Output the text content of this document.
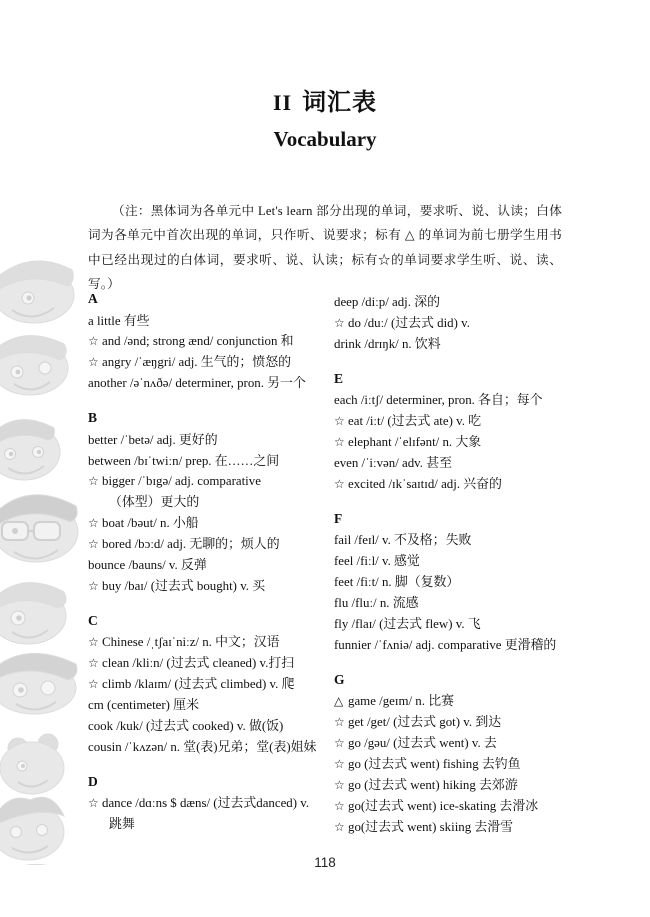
II 词汇表
Vocabulary

（注：黑体词为各单元中 Let's learn 部分出现的单词，要求听、说、认读；白体词为各单元中首次出现的单词，只作听、说要求；标有 △ 的单词为前七册学生用书中已经出现过的白体词，要求听、说、认读；标有☆的单词要求学生听、说、读、写。）

A
a little 有些
☆ and /ənd; strong ænd/ conjunction 和
☆ angry /ˈæŋgri/ adj. 生气的；愤怒的
another /əˈnʌðə/ determiner, pron. 另一个
B
better /ˈbetə/ adj. 更好的
between /bɪˈtwiːn/ prep. 在……之间
☆ bigger /ˈbɪgə/ adj. comparative
（体型）更大的
☆ boat /bəut/ n. 小船
☆ bored /bɔːd/ adj. 无聊的；烦人的
bounce /bauns/ v. 反弹
☆ buy /baɪ/ (过去式 bought) v. 买
C
☆ Chinese /ˌtʃaɪˈniːz/ n. 中文；汉语
☆ clean /kliːn/ (过去式 cleaned) v.打扫
☆ climb /klaɪm/ (过去式 climbed) v. 爬
cm (centimeter) 厘米
cook /kuk/ (过去式 cooked) v. 做(饭)
cousin /ˈkʌzən/ n. 堂(表)兄弟；堂(表)姐妹
D
☆ dance /dɑːns $ dæns/ (过去式danced) v.
跳舞
deep /diːp/ adj. 深的
☆ do /duː/ (过去式 did) v.
drink /drɪŋk/ n. 饮料
E
each /iːtʃ/ determiner, pron. 各自；每个
☆ eat /iːt/ (过去式 ate) v. 吃
☆ elephant /ˈelɪfənt/ n. 大象
even /ˈiːvən/ adv. 甚至
☆ excited /ɪkˈsaɪtɪd/ adj. 兴奋的
F
fail /feɪl/ v. 不及格；失败
feel /fiːl/ v. 感觉
feet /fiːt/ n. 脚（复数）
flu /fluː/ n. 流感
fly /flaɪ/ (过去式 flew) v. 飞
funnier /ˈfʌniə/ adj. comparative 更滑稽的
G
△ game /geɪm/ n. 比赛
☆ get /get/ (过去式 got) v. 到达
☆ go /gəu/ (过去式 went) v. 去
☆ go (过去式 went) fishing 去钓鱼
☆ go (过去式 went) hiking 去郊游
☆ go(过去式 went) ice-skating 去滑冰
☆ go(过去式 went) skiing 去滑雪
118
